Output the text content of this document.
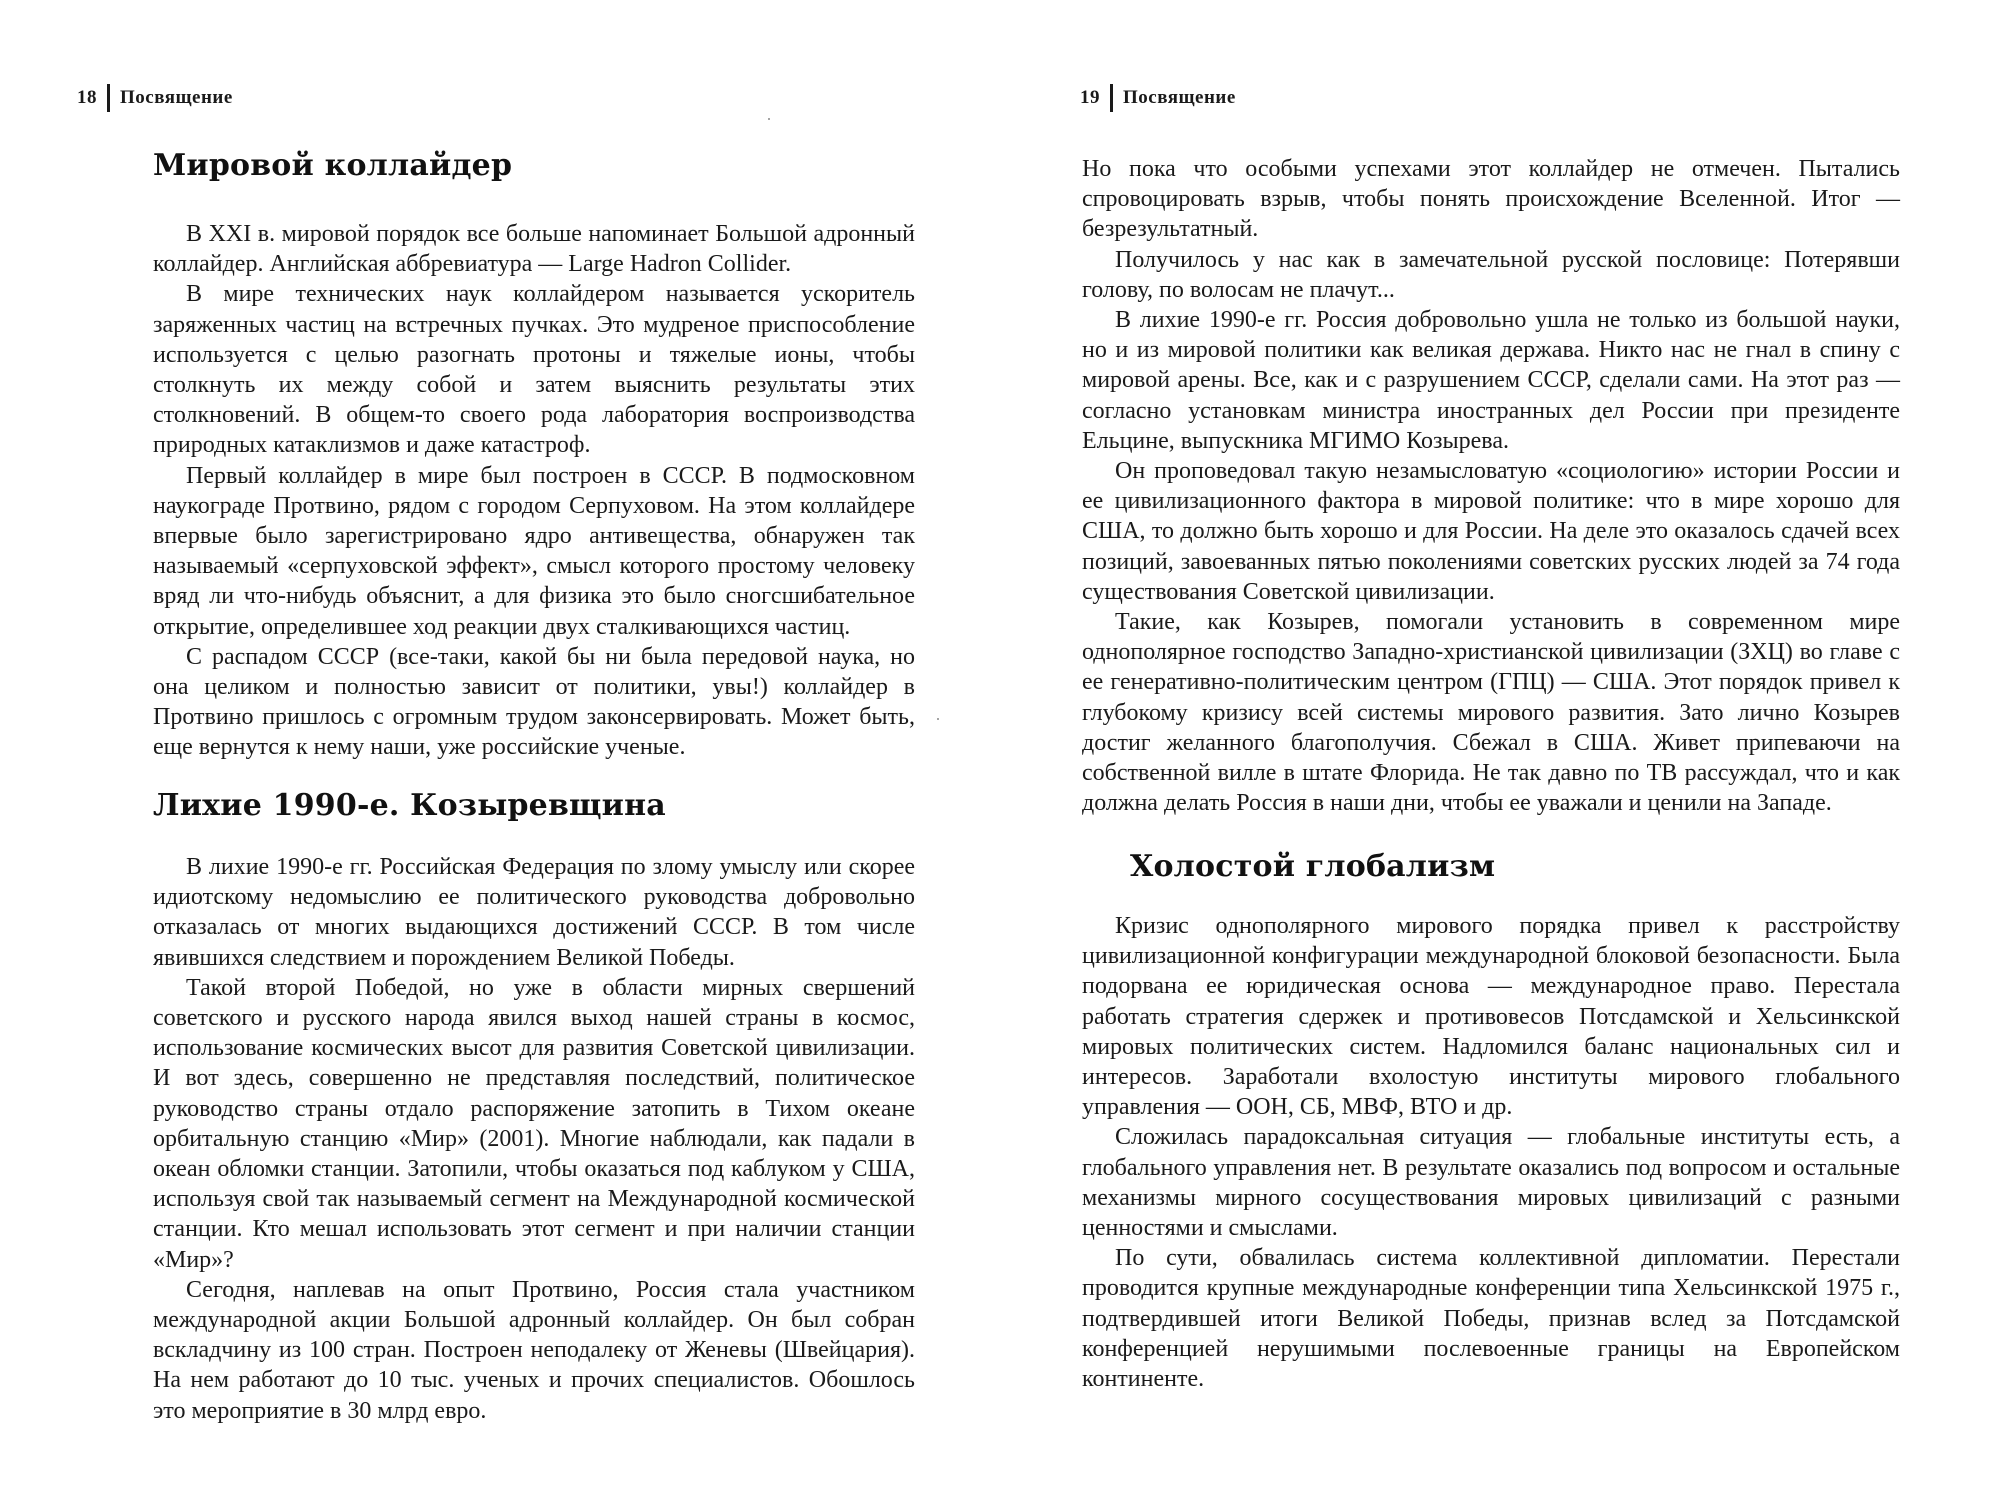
18 Посвящение
Мировой коллайдер

В XXI в. мировой порядок все больше напоминает Большой адронный коллайдер. Английская аббревиатура — Large Hadron Collider.

В мире технических наук коллайдером называется ускоритель заряженных частиц на встречных пучках. Это мудреное приспособление используется с целью разогнать протоны и тяжелые ионы, чтобы столкнуть их между собой и затем выяснить результаты этих столкновений. В общем-то своего рода лаборатория воспроизводства природных катаклизмов и даже катастроф.

Первый коллайдер в мире был построен в СССР. В подмосковном наукограде Протвино, рядом с городом Серпуховом. На этом коллайдере впервые было зарегистрировано ядро антивещества, обнаружен так называемый «серпуховской эффект», смысл которого простому человеку вряд ли что-нибудь объяснит, а для физика это было сногсшибательное открытие, определившее ход реакции двух сталкивающихся частиц.

С распадом СССР (все-таки, какой бы ни была передовой наука, но она целиком и полностью зависит от политики, увы!) коллайдер в Протвино пришлось с огромным трудом законсервировать. Может быть, еще вернутся к нему наши, уже российские ученые.

Лихие 1990-е. Козыревщина

В лихие 1990-е гг. Российская Федерация по злому умыслу или скорее идиотскому недомыслию ее политического руководства добровольно отказалась от многих выдающихся достижений СССР. В том числе явившихся следствием и порождением Великой Победы.

Такой второй Победой, но уже в области мирных свершений советского и русского народа явился выход нашей страны в космос, использование космических высот для развития Советской цивилизации. И вот здесь, совершенно не представляя последствий, политическое руководство страны отдало распоряжение затопить в Тихом океане орбитальную станцию «Мир» (2001). Многие наблюдали, как падали в океан обломки станции. Затопили, чтобы оказаться под каблуком у США, используя свой так называемый сегмент на Международной космической станции. Кто мешал использовать этот сегмент и при наличии станции «Мир»?

Сегодня, наплевав на опыт Протвино, Россия стала участником международной акции Большой адронный коллайдер. Он был собран вскладчину из 100 стран. Построен неподалеку от Женевы (Швейцария). На нем работают до 10 тыс. ученых и прочих специалистов. Обошлось это мероприятие в 30 млрд евро.

19 Посвящение

Но пока что особыми успехами этот коллайдер не отмечен. Пытались спровоцировать взрыв, чтобы понять происхождение Вселенной. Итог — безрезультатный.

Получилось у нас как в замечательной русской пословице: Потерявши голову, по волосам не плачут...

В лихие 1990-е гг. Россия добровольно ушла не только из большой науки, но и из мировой политики как великая держава. Никто нас не гнал в спину с мировой арены. Все, как и с разрушением СССР, сделали сами. На этот раз — согласно установкам министра иностранных дел России при президенте Ельцине, выпускника МГИМО Козырева.

Он проповедовал такую незамысловатую «социологию» истории России и ее цивилизационного фактора в мировой политике: что в мире хорошо для США, то должно быть хорошо и для России. На деле это оказалось сдачей всех позиций, завоеванных пятью поколениями советских русских людей за 74 года существования Советской цивилизации.

Такие, как Козырев, помогали установить в современном мире однополярное господство Западно-христианской цивилизации (ЗХЦ) во главе с ее генеративно-политическим центром (ГПЦ) — США. Этот порядок привел к глубокому кризису всей системы мирового развития. Зато лично Козырев достиг желанного благополучия. Сбежал в США. Живет припеваючи на собственной вилле в штате Флорида. Не так давно по ТВ рассуждал, что и как должна делать Россия в наши дни, чтобы ее уважали и ценили на Западе.

Холостой глобализм

Кризис однополярного мирового порядка привел к расстройству цивилизационной конфигурации международной блоковой безопасности. Была подорвана ее юридическая основа — международное право. Перестала работать стратегия сдержек и противовесов Потсдамской и Хельсинкской мировых политических систем. Надломился баланс национальных сил и интересов. Заработали вхолостую институты мирового глобального управления — ООН, СБ, МВФ, ВТО и др.

Сложилась парадоксальная ситуация — глобальные институты есть, а глобального управления нет. В результате оказались под вопросом и остальные механизмы мирного сосуществования мировых цивилизаций с разными ценностями и смыслами.

По сути, обвалилась система коллективной дипломатии. Перестали проводится крупные международные конференции типа Хельсинкской 1975 г., подтвердившей итоги Великой Победы, признав вслед за Потсдамской конференцией нерушимыми послевоенные границы на Европейском континенте.
